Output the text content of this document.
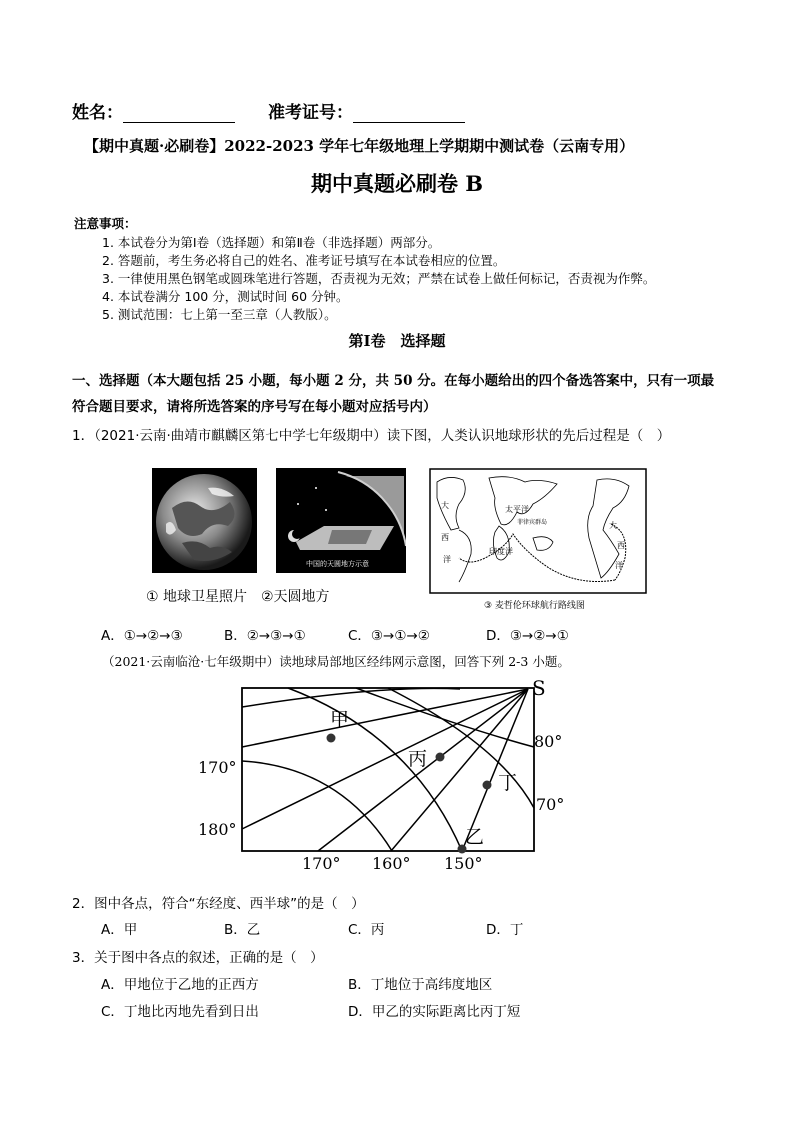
姓名：	准考证号：
【期中真题·必刷卷】2022-2023 学年七年级地理上学期期中测试卷（云南专用）
期中真题必刷卷 B
注意事项：
1. 本试卷分为第Ⅰ卷（选择题）和第Ⅱ卷（非选择题）两部分。
2. 答题前，考生务必将自己的姓名、准考证号填写在本试卷相应的位置。
3. 一律使用黑色钢笔或圆珠笔进行答题，否责视为无效；严禁在试卷上做任何标记，否责视为作弊。
4. 本试卷满分 100 分，测试时间 60 分钟。
5. 测试范围：七上第一至三章（人教版）。
第Ⅰ卷　选择题
一、选择题（本大题包括 25 小题，每小题 2 分，共 50 分。在每小题给出的四个备选答案中，只有一项最
符合题目要求，请将所选答案的序号写在每小题对应括号内）
1．（2021·云南·曲靖市麒麟区第七中学七年级期中）读下图，人类认识地球形状的先后过程是（　）
中国的天圆地方示意
太平洋
印度洋
菲律宾群岛
大
西
洋
大
西
洋
① 地球卫星照片　②天圆地方
③ 麦哲伦环球航行路线图
A．①→②→③	B．②→③→①	C．③→①→②	D．③→②→①
（2021·云南临沧·七年级期中）读地球局部地区经纬网示意图，回答下列 2-3 小题。
S
甲
乙
丙
丁
80°
70°
170°
180°
170° 160° 150°
2．图中各点，符合“东经度、西半球”的是（　）
A．甲	B．乙	C．丙	D．丁
3．关于图中各点的叙述，正确的是（　）
A．甲地位于乙地的正西方	B．丁地位于高纬度地区
C．丁地比丙地先看到日出	D．甲乙的实际距离比丙丁短
